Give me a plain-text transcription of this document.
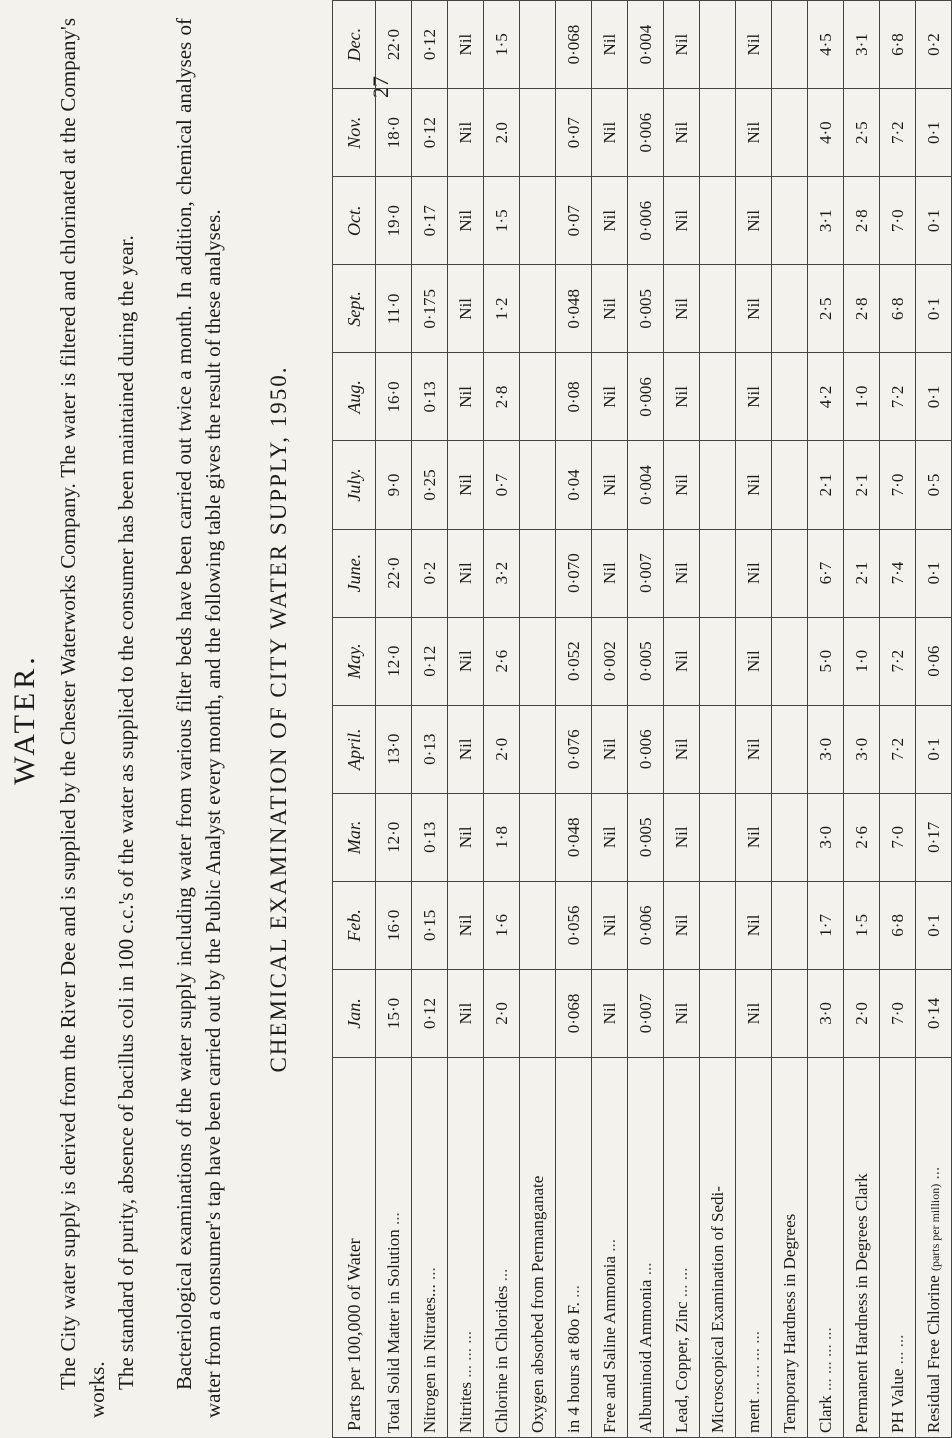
27
WATER. The City water supply is derived from the River Dee and is supplied by the Chester Waterworks Company. The water is filtered and chlorinated at the Company's works. The standard of purity, absence of bacillus coli in 100 c.c.'s of the water as supplied to the consumer has been maintained during the year. Bacteriological examinations of the water supply including water from various filter beds have been carried out twice a month. In addition, chemical analyses of water from a consumer's tap have been carried out by the Public Analyst every month, and the following table gives the result of these analyses. CHEMICAL EXAMINATION OF CITY WATER SUPPLY, 1950.
Parts per 100,000 of Water	Jan.	Feb.	Mar.	April.	May.	June.	July.	Aug.	Sept.	Oct.	Nov.	Dec.
Total Solid Matter in Solution ...	15·0	16·0	12·0	13·0	12·0	22·0	9·0	16·0	11·0	19·0	18·0	22·0
Nitrogen in Nitrates... ...	0·12	0·15	0·13	0·13	0·12	0·2	0·25	0·13	0·175	0·17	0·12	0·12
Nitrites ... ... ...	Nil	Nil	Nil	Nil	Nil	Nil	Nil	Nil	Nil	Nil	Nil	Nil
Chlorine in Chlorides ...	2·0	1·6	1·8	2·0	2·6	3·2	0·7	2·8	1·2	1·5	2.0	1·5
Oxygen absorbed from Permanganate												
in 4 hours at 80o F. ...	0·068	0·056	0·048	0·076	0·052	0·070	0·04	0·08	0·048	0·07	0·07	0·068
Free and Saline Ammonia ...	Nil	Nil	Nil	Nil	0·002	Nil	Nil	Nil	Nil	Nil	Nil	Nil
Albuminoid Ammonia ...	0·007	0·006	0·005	0·006	0·005	0·007	0·004	0·006	0·005	0·006	0·006	0·004
Lead, Copper, Zinc ... ...	Nil	Nil	Nil	Nil	Nil	Nil	Nil	Nil	Nil	Nil	Nil	Nil
Microscopical Examination of Sedi-												
ment ... ... ... ...	Nil	Nil	Nil	Nil	Nil	Nil	Nil	Nil	Nil	Nil	Nil	Nil
Temporary Hardness in Degrees												
Clark ... ... ... ...	3·0	1·7	3·0	3·0	5·0	6·7	2·1	4·2	2·5	3·1	4·0	4·5
Permanent Hardness in Degrees Clark	2·0	1·5	2·6	3·0	1·0	2·1	2·1	1·0	2·8	2·8	2·5	3·1
PH Value ... ...	7·0	6·8	7·0	7·2	7·2	7·4	7·0	7·2	6·8	7·0	7·2	6·8
Residual Free Chlorine (parts per million) ...	0·14	0·1	0·17	0·1	0·06	0·1	0·5	0·1	0·1	0·1	0·1	0·2
